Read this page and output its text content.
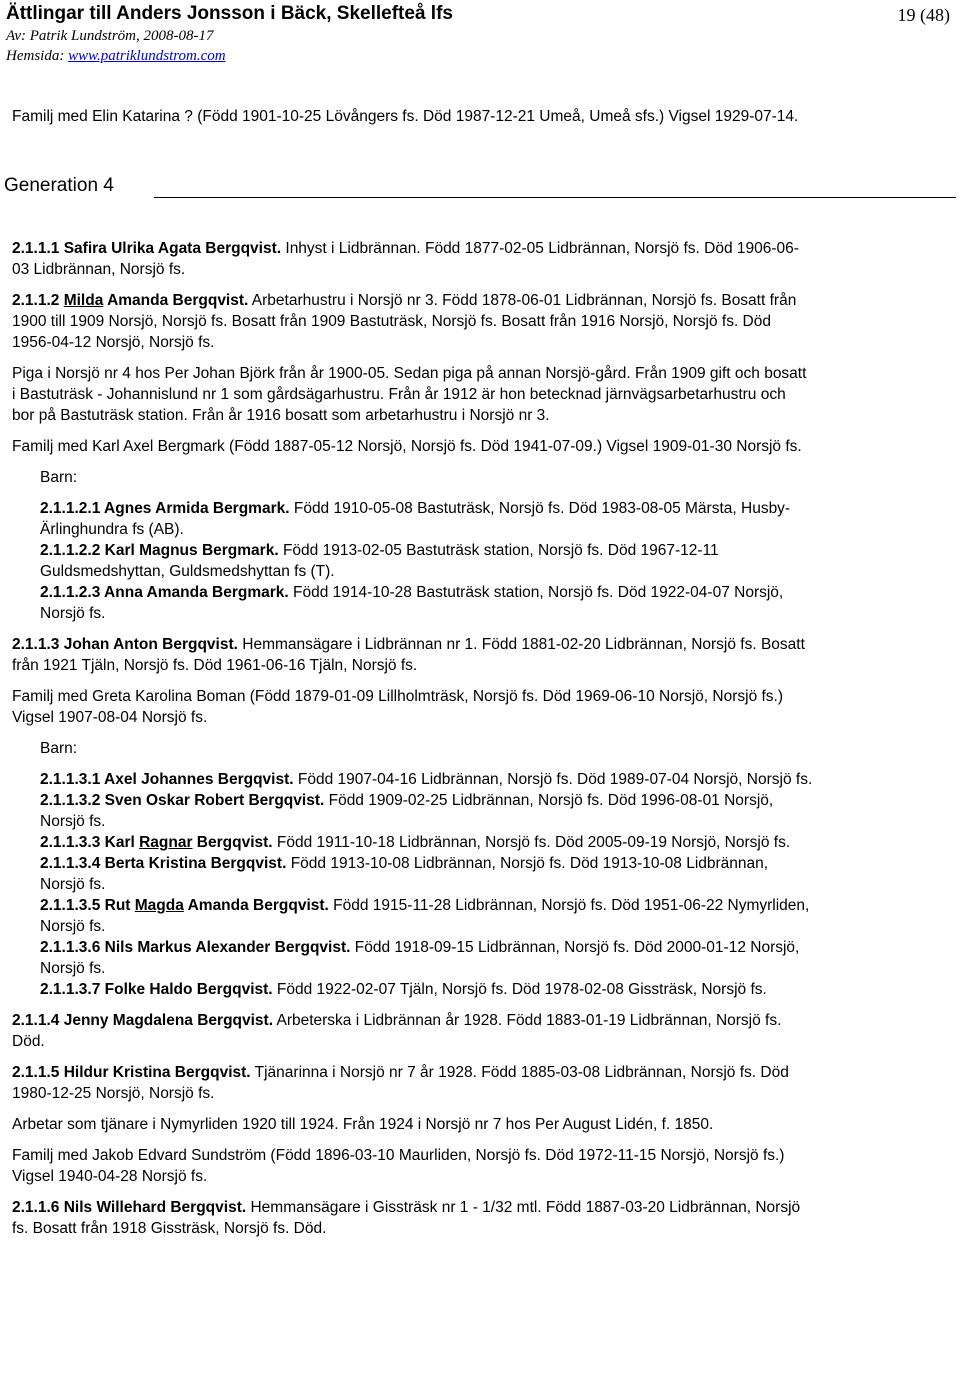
Ättlingar till Anders Jonsson i Bäck, Skellefteå lfs	19 (48)
Av: Patrik Lundström, 2008-08-17
Hemsida: www.patriklundstrom.com

Familj med Elin Katarina ? (Född 1901-10-25 Lövångers fs. Död 1987-12-21 Umeå, Umeå sfs.) Vigsel 1929-07-14.

Generation 4

2.1.1.1 Safira Ulrika Agata Bergqvist. Inhyst i Lidbrännan. Född 1877-02-05 Lidbrännan, Norsjö fs. Död 1906-06-
03 Lidbrännan, Norsjö fs.

2.1.1.2 Milda Amanda Bergqvist. Arbetarhustru i Norsjö nr 3. Född 1878-06-01 Lidbrännan, Norsjö fs. Bosatt från
1900 till 1909 Norsjö, Norsjö fs. Bosatt från 1909 Bastuträsk, Norsjö fs. Bosatt från 1916 Norsjö, Norsjö fs. Död
1956-04-12 Norsjö, Norsjö fs.

Piga i Norsjö nr 4 hos Per Johan Björk från år 1900-05. Sedan piga på annan Norsjö-gård. Från 1909 gift och bosatt
i Bastuträsk - Johannislund nr 1 som gårdsägarhustru. Från år 1912 är hon betecknad järnvägsarbetarhustru och
bor på Bastuträsk station. Från år 1916 bosatt som arbetarhustru i Norsjö nr 3.

Familj med Karl Axel Bergmark (Född 1887-05-12 Norsjö, Norsjö fs. Död 1941-07-09.) Vigsel 1909-01-30 Norsjö fs.

Barn:

2.1.1.2.1 Agnes Armida Bergmark. Född 1910-05-08 Bastuträsk, Norsjö fs. Död 1983-08-05 Märsta, Husby-
Ärlinghundra fs (AB).

2.1.1.2.2 Karl Magnus Bergmark. Född 1913-02-05 Bastuträsk station, Norsjö fs. Död 1967-12-11
Guldsmedshyttan, Guldsmedshyttan fs (T).

2.1.1.2.3 Anna Amanda Bergmark. Född 1914-10-28 Bastuträsk station, Norsjö fs. Död 1922-04-07 Norsjö,
Norsjö fs.

2.1.1.3 Johan Anton Bergqvist. Hemmansägare i Lidbrännan nr 1. Född 1881-02-20 Lidbrännan, Norsjö fs. Bosatt
från 1921 Tjäln, Norsjö fs. Död 1961-06-16 Tjäln, Norsjö fs.

Familj med Greta Karolina Boman (Född 1879-01-09 Lillholmträsk, Norsjö fs. Död 1969-06-10 Norsjö, Norsjö fs.)
Vigsel 1907-08-04 Norsjö fs.

Barn:

2.1.1.3.1 Axel Johannes Bergqvist. Född 1907-04-16 Lidbrännan, Norsjö fs. Död 1989-07-04 Norsjö, Norsjö fs.

2.1.1.3.2 Sven Oskar Robert Bergqvist. Född 1909-02-25 Lidbrännan, Norsjö fs. Död 1996-08-01 Norsjö,
Norsjö fs.

2.1.1.3.3 Karl Ragnar Bergqvist. Född 1911-10-18 Lidbrännan, Norsjö fs. Död 2005-09-19 Norsjö, Norsjö fs.

2.1.1.3.4 Berta Kristina Bergqvist. Född 1913-10-08 Lidbrännan, Norsjö fs. Död 1913-10-08 Lidbrännan,
Norsjö fs.

2.1.1.3.5 Rut Magda Amanda Bergqvist. Född 1915-11-28 Lidbrännan, Norsjö fs. Död 1951-06-22 Nymyrliden,
Norsjö fs.

2.1.1.3.6 Nils Markus Alexander Bergqvist. Född 1918-09-15 Lidbrännan, Norsjö fs. Död 2000-01-12 Norsjö,
Norsjö fs.

2.1.1.3.7 Folke Haldo Bergqvist. Född 1922-02-07 Tjäln, Norsjö fs. Död 1978-02-08 Gissträsk, Norsjö fs.

2.1.1.4 Jenny Magdalena Bergqvist. Arbeterska i Lidbrännan år 1928. Född 1883-01-19 Lidbrännan, Norsjö fs.
Död.

2.1.1.5 Hildur Kristina Bergqvist. Tjänarinna i Norsjö nr 7 år 1928. Född 1885-03-08 Lidbrännan, Norsjö fs. Död
1980-12-25 Norsjö, Norsjö fs.

Arbetar som tjänare i Nymyrliden 1920 till 1924. Från 1924 i Norsjö nr 7 hos Per August Lidén, f. 1850.

Familj med Jakob Edvard Sundström (Född 1896-03-10 Maurliden, Norsjö fs. Död 1972-11-15 Norsjö, Norsjö fs.)
Vigsel 1940-04-28 Norsjö fs.

2.1.1.6 Nils Willehard Bergqvist. Hemmansägare i Gissträsk nr 1 - 1/32 mtl. Född 1887-03-20 Lidbrännan, Norsjö
fs. Bosatt från 1918 Gissträsk, Norsjö fs. Död.
